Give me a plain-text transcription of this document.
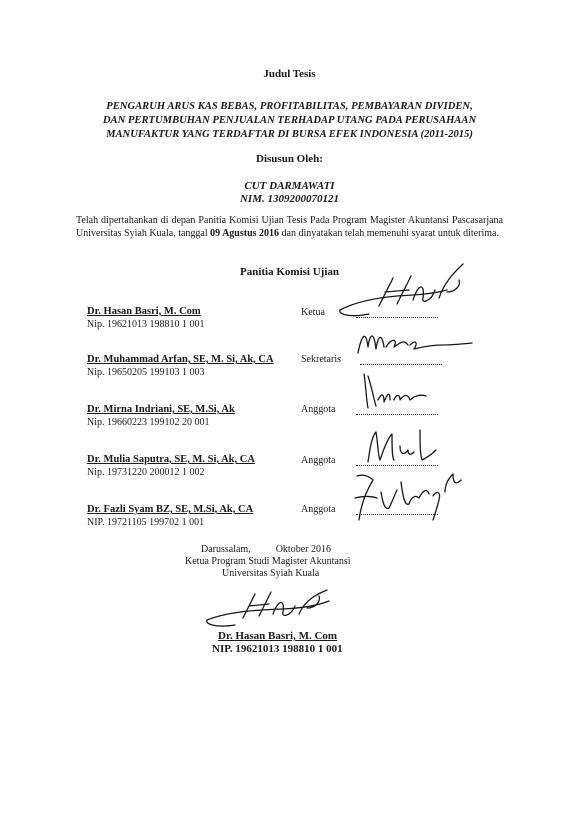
Judul Tesis
PENGARUH ARUS KAS BEBAS, PROFITABILITAS, PEMBAYARAN DIVIDEN,
DAN PERTUMBUHAN PENJUALAN TERHADAP UTANG PADA PERUSAHAAN
MANUFAKTUR YANG TERDAFTAR DI BURSA EFEK INDONESIA (2011-2015)
Disusun Oleh:
CUT DARMAWATI
NIM. 1309200070121
Telah dipertahankan di depan Panitia Komisi Ujian Tesis Pada Program Magister Akuntansi Pascasarjana Universitas Syiah Kuala, tanggal 09 Agustus 2016 dan dinyatakan telah memenuhi syarat untuk diterima.
Panitia Komisi Ujian
Dr. Hasan Basri, M. Com
Nip. 19621013 198810 1 001
Ketua
Dr. Muhammad Arfan, SE, M. Si, Ak, CA
Nip. 19650205 199103 1 003
Sekretaris
Dr. Mirna Indriani, SE, M.Si, Ak
Nip. 19660223 199102 20 001
Anggota
Dr. Mulia Saputra, SE, M. Si, Ak, CA
Nip. 19731220 200012 1 002
Anggota
Dr. Fazli Syam BZ, SE, M.Si, Ak, CA
NIP. 19721105 199702 1 001
Anggota
Darussalam,          Oktober 2016
Ketua Program Studi Magister Akuntansi
Universitas Syiah Kuala
Dr. Hasan Basri, M. Com
NIP. 19621013 198810 1 001
